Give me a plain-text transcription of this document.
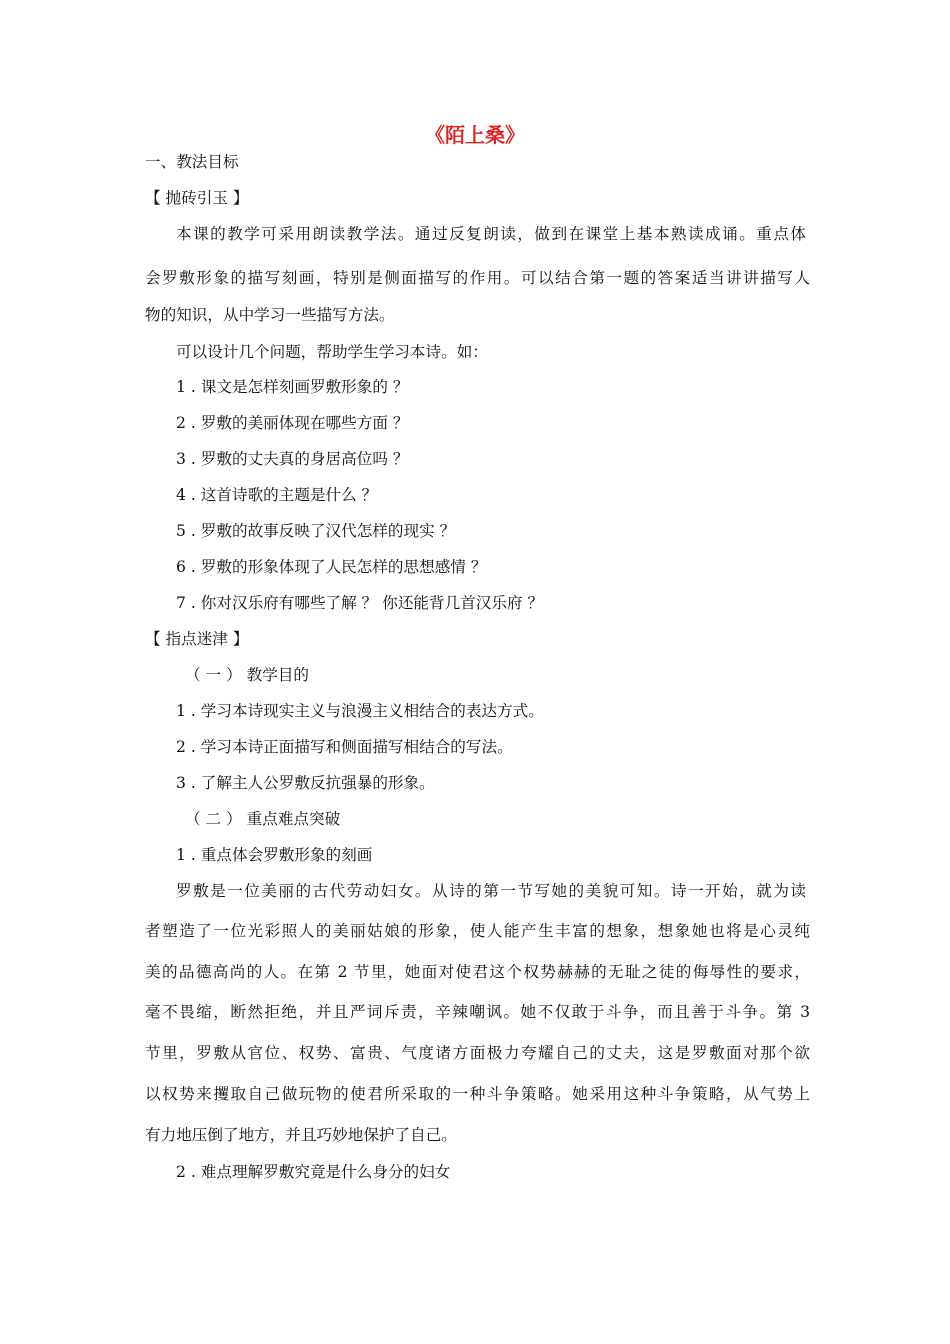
《陌上桑》
一、教法目标
【 抛砖引玉 】
本课的教学可采用朗读教学法。通过反复朗读，做到在课堂上基本熟读成诵。重点体
会罗敷形象的描写刻画，特别是侧面描写的作用。可以结合第一题的答案适当讲讲描写人
物的知识，从中学习一些描写方法。
可以设计几个问题，帮助学生学习本诗。如：
1 . 课文是怎样刻画罗敷形象的 ？
2 . 罗敷的美丽体现在哪些方面 ？
3 . 罗敷的丈夫真的身居高位吗 ？
4 . 这首诗歌的主题是什么 ？
5 . 罗敷的故事反映了汉代怎样的现实 ？
6 . 罗敷的形象体现了人民怎样的思想感情 ？
7 . 你对汉乐府有哪些了解 ？ 你还能背几首汉乐府 ？
【 指点迷津 】
（ 一 ） 教学目的
1 . 学习本诗现实主义与浪漫主义相结合的表达方式。
2 . 学习本诗正面描写和侧面描写相结合的写法。
3 . 了解主人公罗敷反抗强暴的形象。
（ 二 ） 重点难点突破
1 . 重点体会罗敷形象的刻画
罗敷是一位美丽的古代劳动妇女。从诗的第一节写她的美貌可知。诗一开始，就为读
者塑造了一位光彩照人的美丽姑娘的形象，使人能产生丰富的想象，想象她也将是心灵纯
美的品德高尚的人。在第 2 节里，她面对使君这个权势赫赫的无耻之徒的侮辱性的要求，
毫不畏缩，断然拒绝，并且严词斥责，辛辣嘲讽。她不仅敢于斗争，而且善于斗争。第 3
节里，罗敷从官位、权势、富贵、气度诸方面极力夸耀自己的丈夫，这是罗敷面对那个欲
以权势来攫取自己做玩物的使君所采取的一种斗争策略。她采用这种斗争策略，从气势上
有力地压倒了地方，并且巧妙地保护了自己。
2 . 难点理解罗敷究竟是什么身分的妇女
